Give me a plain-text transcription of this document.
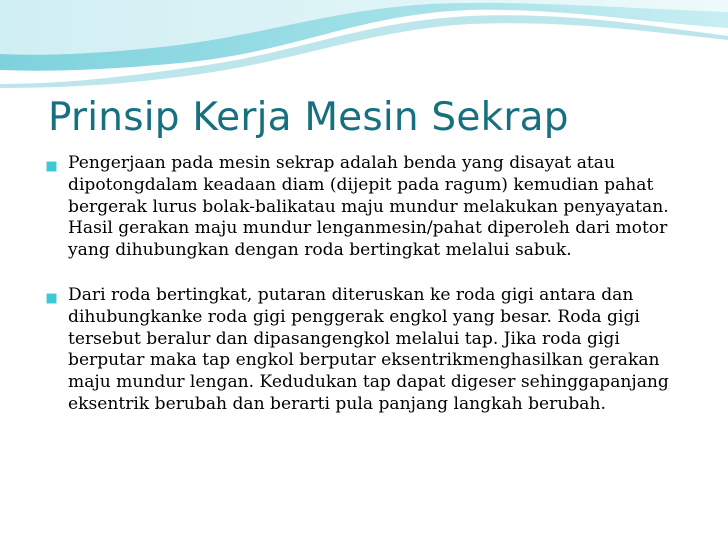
Prinsip Kerja Mesin Sekrap
Pengerjaan pada mesin sekrap adalah benda yang disayat atau dipotongdalam keadaan diam (dijepit pada ragum) kemudian pahat bergerak lurus bolak-balikatau maju mundur melakukan penyayatan. Hasil gerakan maju mundur lenganmesin/pahat diperoleh dari motor yang dihubungkan dengan roda bertingkat melalui sabuk.
Dari roda bertingkat, putaran diteruskan ke roda gigi antara dan dihubungkanke roda gigi penggerak engkol yang besar. Roda gigi tersebut beralur dan dipasangengkol melalui tap. Jika roda gigi berputar maka tap engkol berputar eksentrikmenghasilkan gerakan maju mundur lengan. Kedudukan tap dapat digeser sehinggapanjang eksentrik berubah dan berarti pula panjang langkah berubah.
